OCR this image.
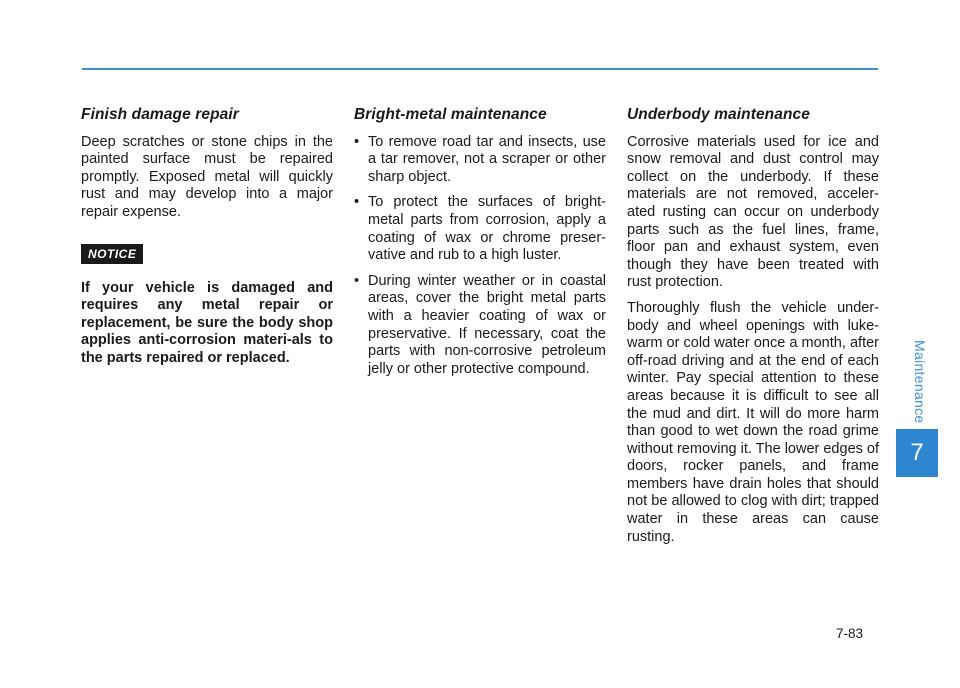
Finish damage repair

Deep scratches or stone chips in the painted surface must be repaired promptly. Exposed metal will quickly rust and may develop into a major repair expense.

NOTICE

If your vehicle is damaged and requires any metal repair or replacement, be sure the body shop applies anti-corrosion materi-als to the parts repaired or replaced.

Bright-metal maintenance
• To remove road tar and insects, use a tar remover, not a scraper or other sharp object.
• To protect the surfaces of bright-metal parts from corrosion, apply a coating of wax or chrome preser-vative and rub to a high luster.
• During winter weather or in coastal areas, cover the bright metal parts with a heavier coating of wax or preservative. If necessary, coat the parts with non-corrosive petroleum jelly or other protective compound.
Underbody maintenance

Corrosive materials used for ice and snow removal and dust control may collect on the underbody. If these materials are not removed, acceler-ated rusting can occur on underbody parts such as the fuel lines, frame, floor pan and exhaust system, even though they have been treated with rust protection.

Thoroughly flush the vehicle under-body and wheel openings with luke-warm or cold water once a month, after off-road driving and at the end of each winter. Pay special attention to these areas because it is difficult to see all the mud and dirt. It will do more harm than good to wet down the road grime without removing it. The lower edges of doors, rocker panels, and frame members have drain holes that should not be allowed to clog with dirt; trapped water in these areas can cause rusting.

Maintenance
7
7-83
